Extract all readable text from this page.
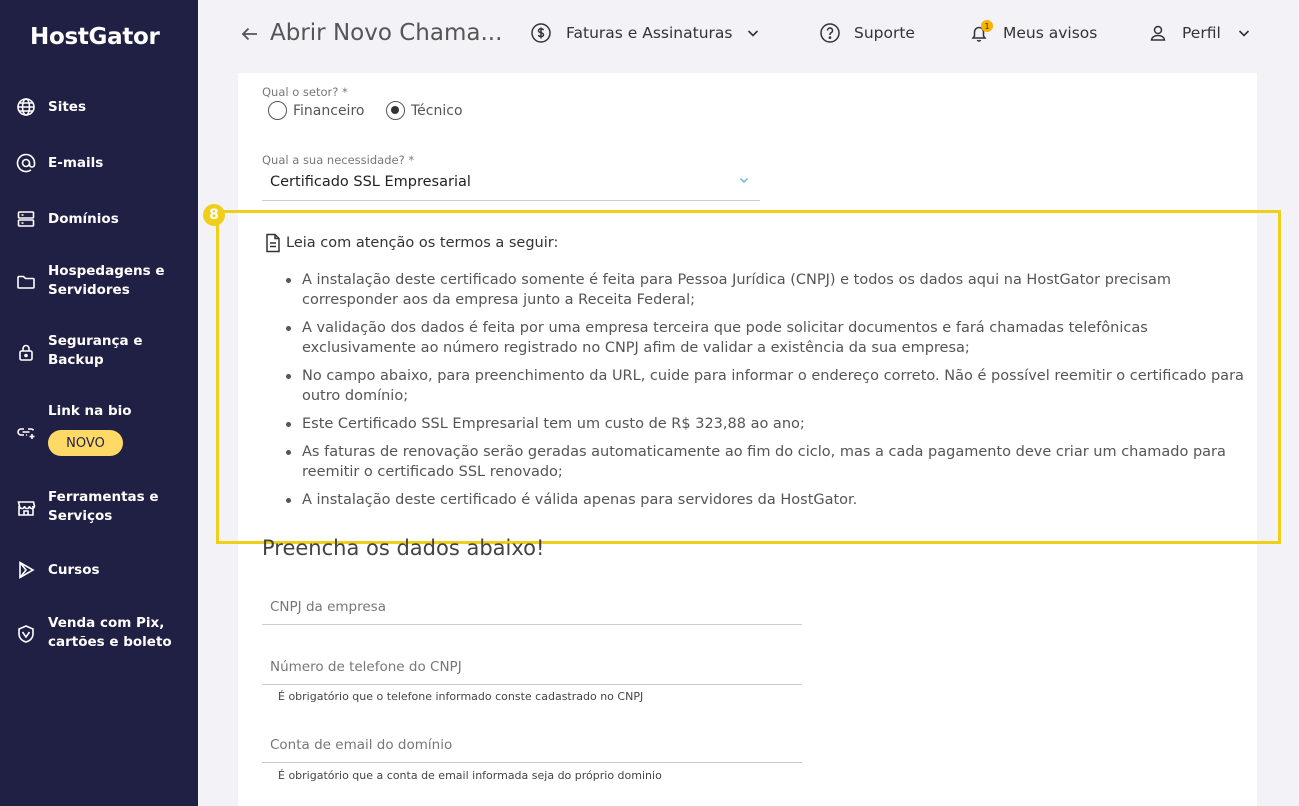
HostGator
Sites
E-mails
Domínios
Hospedagens e Servidores
Segurança e Backup
Link na bio
NOVO
Ferramentas e Serviços
Cursos
Venda com Pix, cartões e boleto
Abrir Novo Chama...	Faturas e Assinaturas	Suporte	Meus avisos
1	Perfil
Qual o setor? *
Financeiro	Técnico
Qual a sua necessidade? *
Certificado SSL Empresarial
8
Leia com atenção os termos a seguir:
A instalação deste certificado somente é feita para Pessoa Jurídica (CNPJ) e todos os dados aqui na HostGator precisam corresponder aos da empresa junto a Receita Federal;
A validação dos dados é feita por uma empresa terceira que pode solicitar documentos e fará chamadas telefônicas exclusivamente ao número registrado no CNPJ afim de validar a existência da sua empresa;
No campo abaixo, para preenchimento da URL, cuide para informar o endereço correto. Não é possível reemitir o certificado para outro domínio;
Este Certificado SSL Empresarial tem um custo de R$ 323,88 ao ano;
As faturas de renovação serão geradas automaticamente ao fim do ciclo, mas a cada pagamento deve criar um chamado para reemitir o certificado SSL renovado;
A instalação deste certificado é válida apenas para servidores da HostGator.
Preencha os dados abaixo!
CNPJ da empresa
Número de telefone do CNPJ
É obrigatório que o telefone informado conste cadastrado no CNPJ
Conta de email do domínio
É obrigatório que a conta de email informada seja do próprio dominio
